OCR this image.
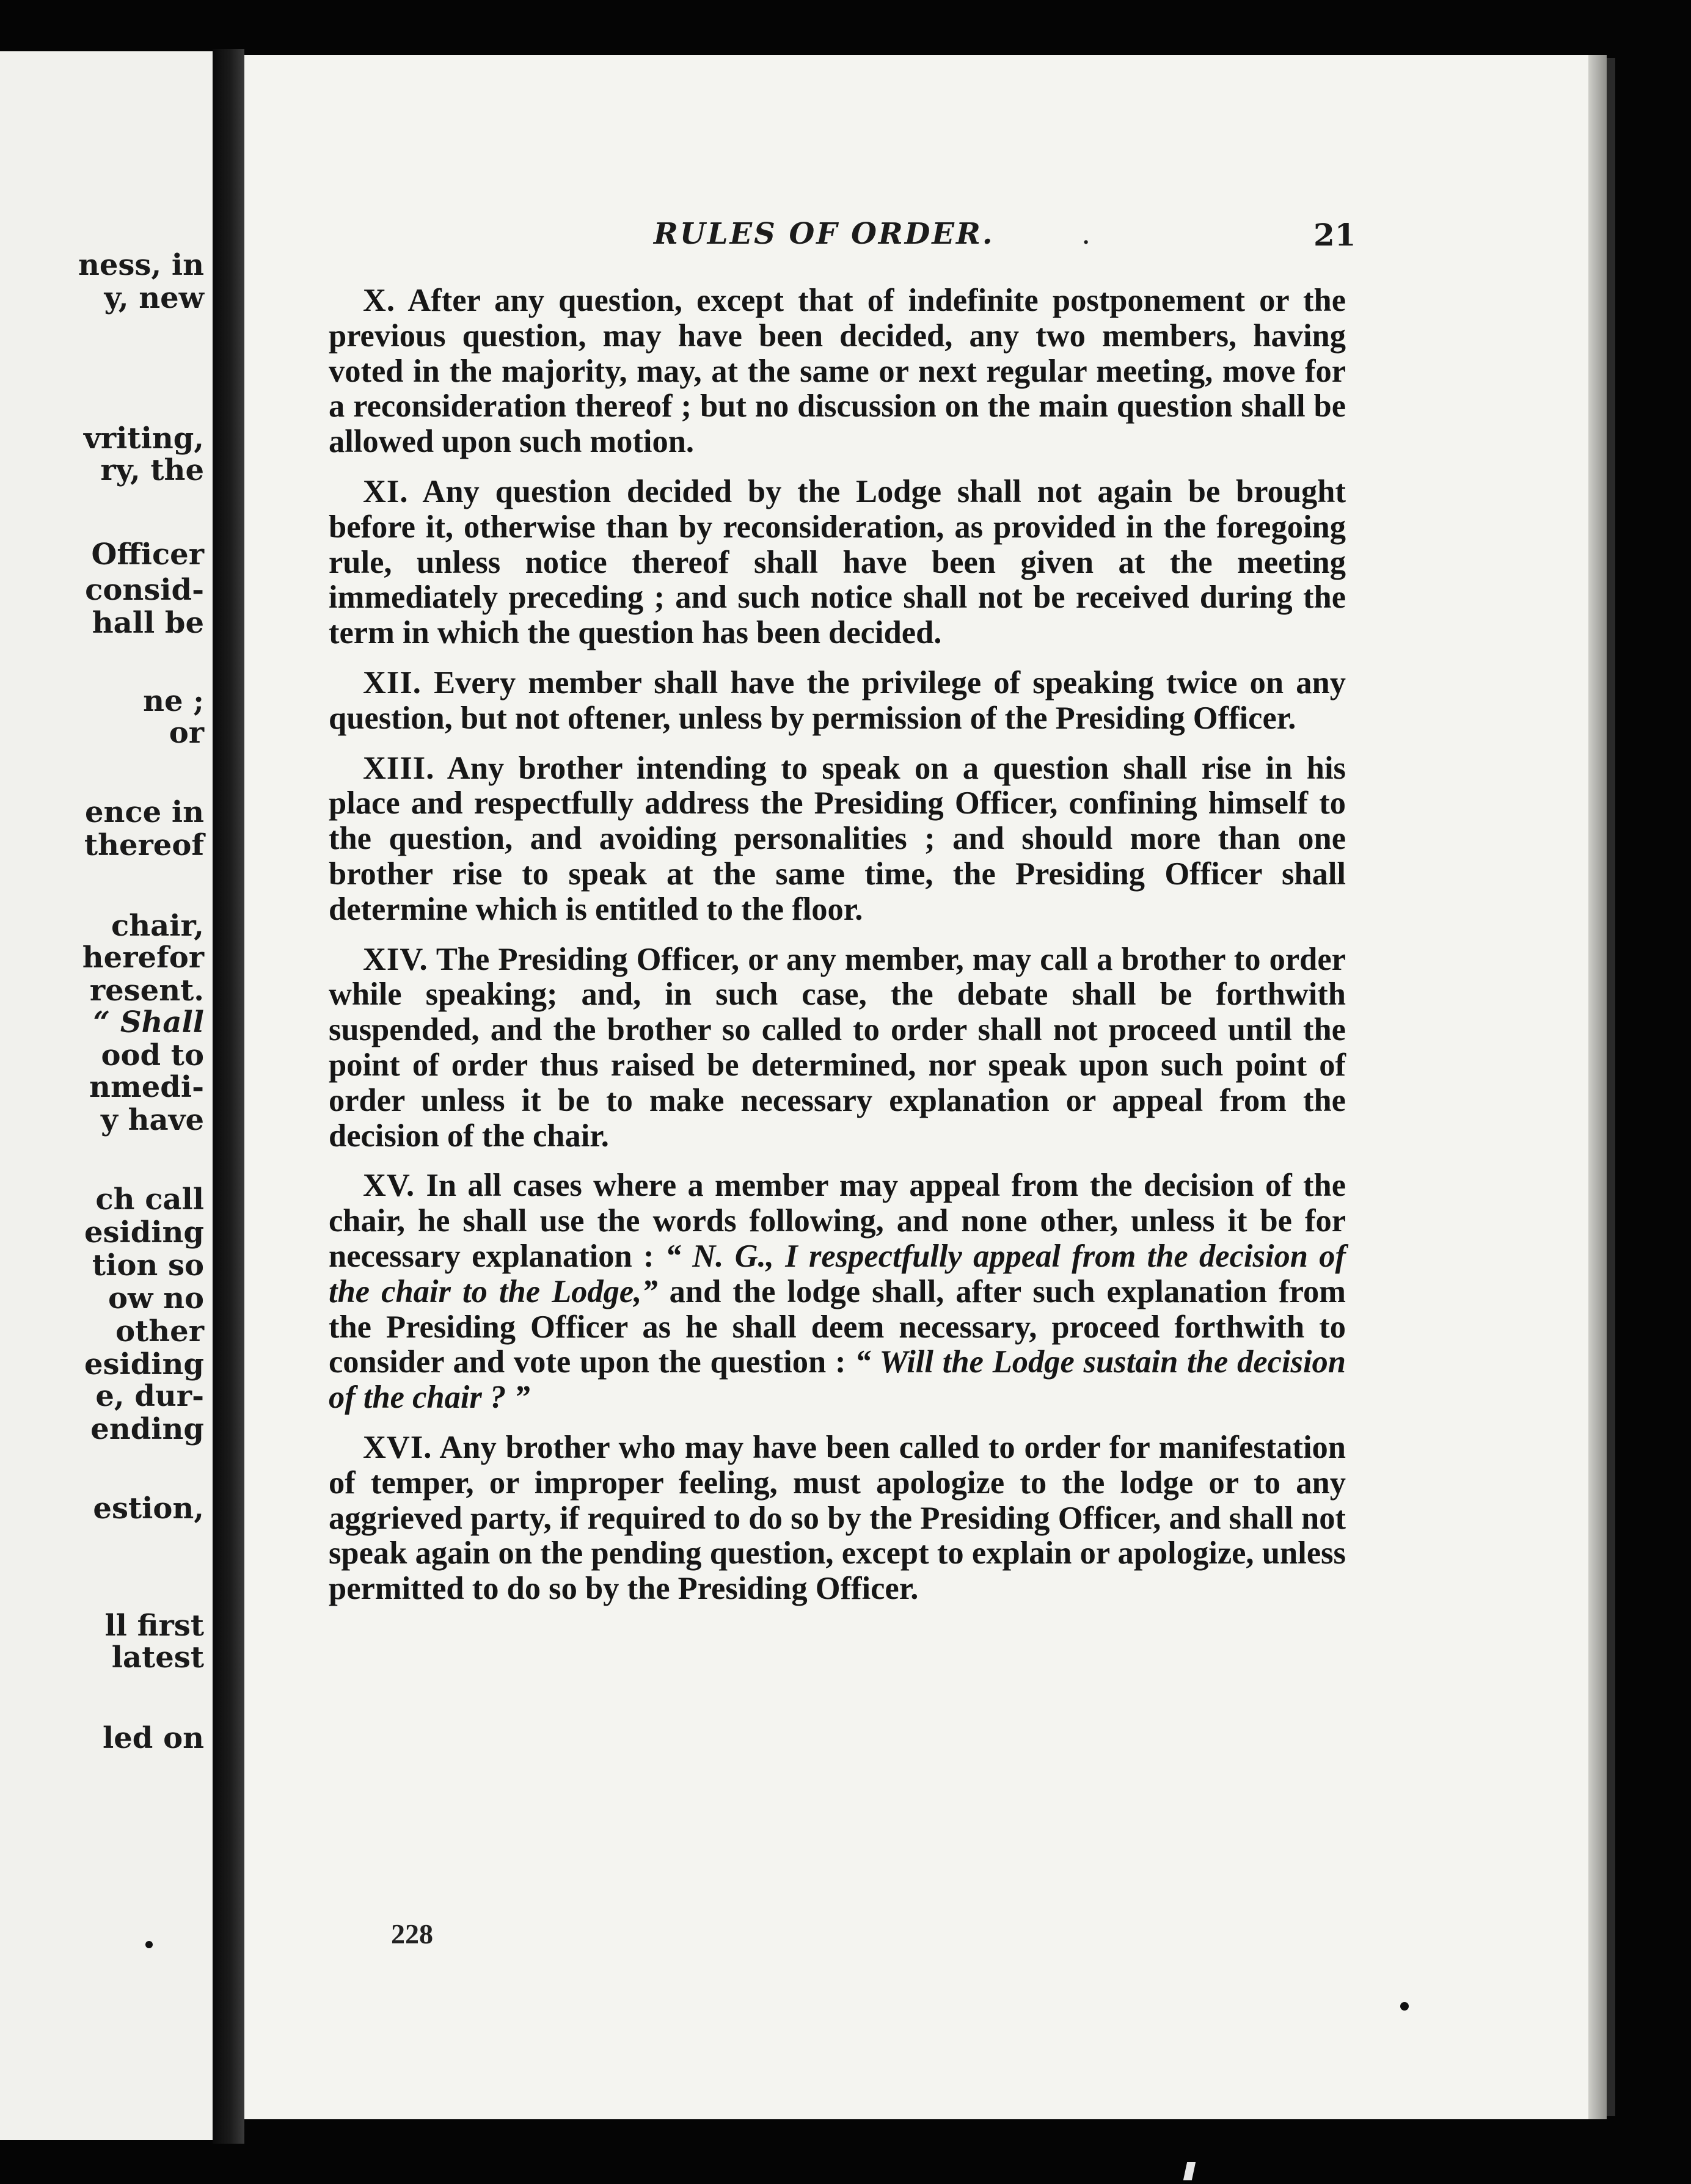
ness, in
y, new
vriting,
ry, the
Officer
consid-
hall be
ne ;
or
ence in
thereof
chair,
herefor
resent.
“ Shall
ood to
nmedi-
y have
ch call
esiding
tion so
ow no
other
esiding
e, dur-
ending
estion,
ll first
latest
led on
RULES OF ORDER.	.	21

X. After any question, except that of indefinite postponement or the previous question, may have been decided, any two members, having voted in the majority, may, at the same or next regular meeting, move for a reconsideration thereof ; but no discussion on the main question shall be allowed upon such motion.

XI. Any question decided by the Lodge shall not again be brought before it, otherwise than by reconsideration, as provided in the foregoing rule, unless notice thereof shall have been given at the meeting immediately preceding ; and such notice shall not be received during the term in which the question has been decided.

XII. Every member shall have the privilege of speaking twice on any question, but not oftener, unless by permission of the Presiding Officer.

XIII. Any brother intending to speak on a question shall rise in his place and respectfully address the Presiding Officer, confining himself to the question, and avoiding personalities ; and should more than one brother rise to speak at the same time, the Presiding Officer shall determine which is entitled to the floor.

XIV. The Presiding Officer, or any member, may call a brother to order while speaking; and, in such case, the debate shall be forthwith suspended, and the brother so called to order shall not proceed until the point of order thus raised be determined, nor speak upon such point of order unless it be to make necessary explanation or appeal from the decision of the chair.

XV. In all cases where a member may appeal from the decision of the chair, he shall use the words following, and none other, unless it be for necessary explanation : “ N. G., I respectfully appeal from the decision of the chair to the Lodge,” and the lodge shall, after such explanation from the Presiding Officer as he shall deem necessary, proceed forthwith to consider and vote upon the question : “ Will the Lodge sustain the decision of the chair ? ”

XVI. Any brother who may have been called to order for manifestation of temper, or improper feeling, must apologize to the lodge or to any aggrieved party, if required to do so by the Presiding Officer, and shall not speak again on the pending question, except to explain or apologize, unless permitted to do so by the Presiding Officer.

228
